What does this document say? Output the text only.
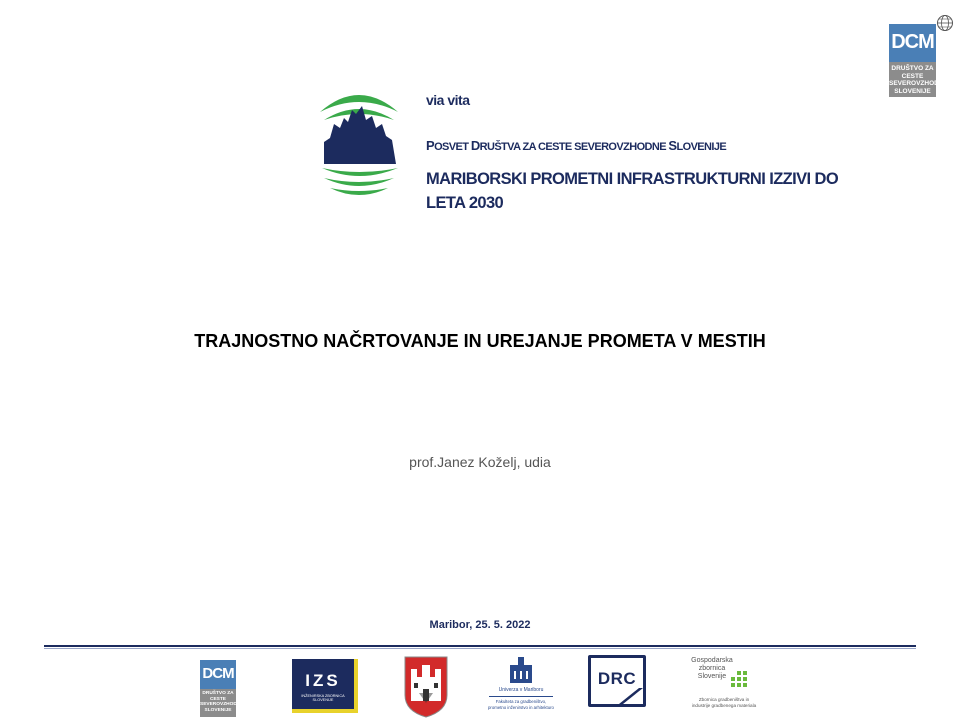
DCM
DRUŠTVO ZA CESTE
SEVEROVZHODNE
SLOVENIJE
via vita
POSVET DRUŠTVA ZA CESTE SEVEROVZHODNE SLOVENIJE
MARIBORSKI PROMETNI INFRASTRUKTURNI IZZIVI DO LETA 2030
TRAJNOSTNO NAČRTOVANJE IN UREJANJE PROMETA V MESTIH
prof.Janez Koželj, udia
Maribor, 25. 5. 2022
DCM
DRUŠTVO ZA CESTE
SEVEROVZHODNE
SLOVENIJE
IZS
INŽENIRSKA ZBORNICA SLOVENIJE
Univerza v Mariboru
Fakulteta za gradbeništvo,
prometno inženirstvo in arhitekturo
DRC
Gospodarska
zbornica
Slovenije
Zbornica gradbeništva in
industrije gradbenega materiala
